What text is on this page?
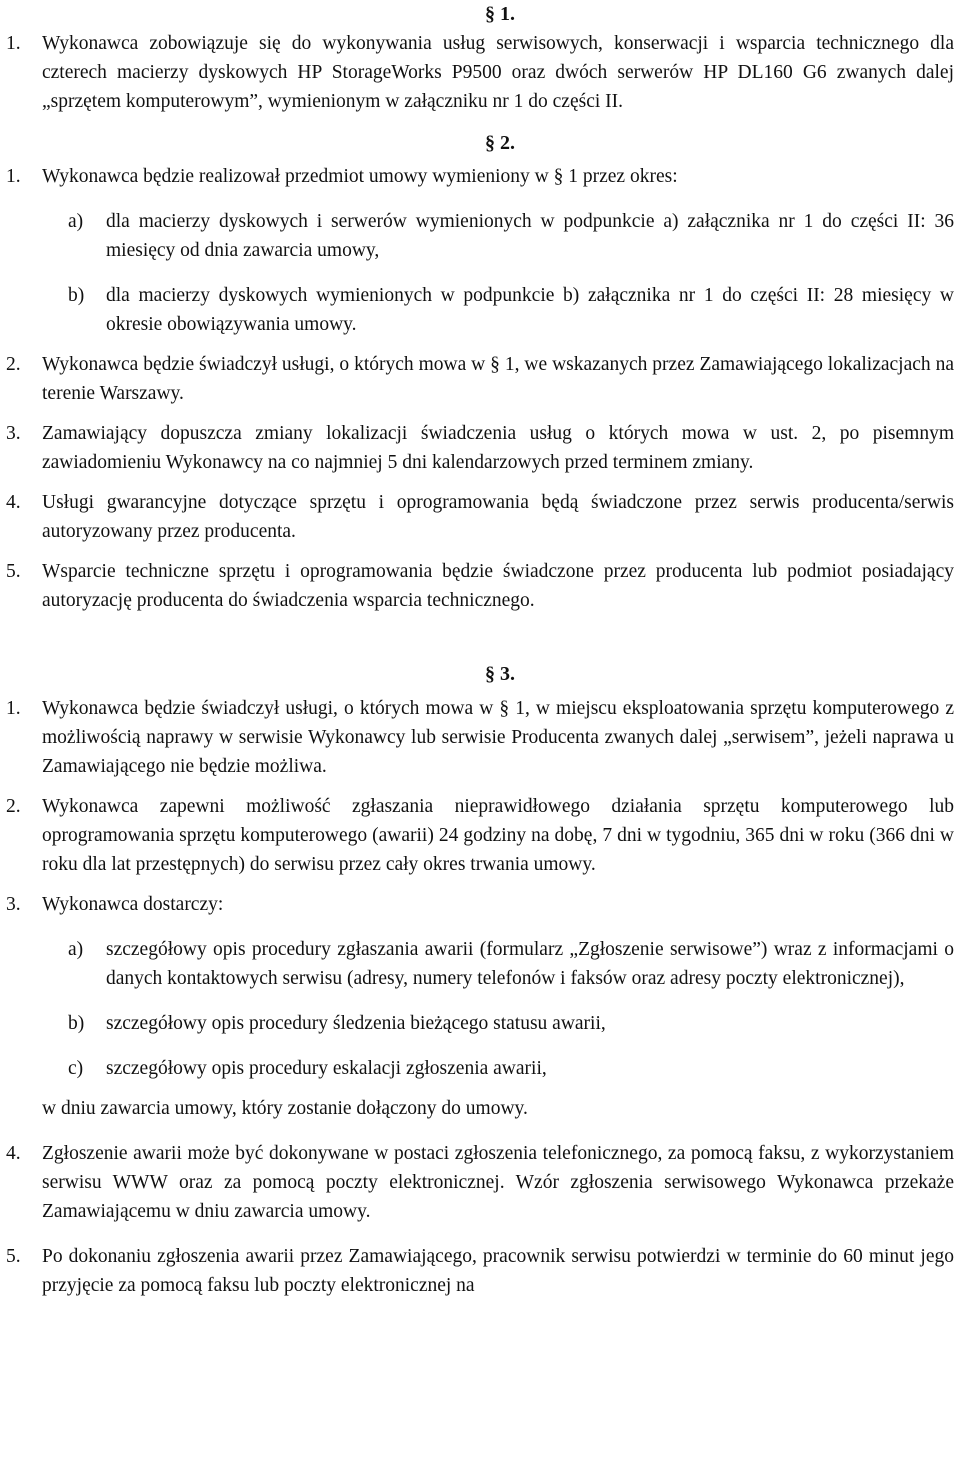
§ 1.
1.	Wykonawca zobowiązuje się do wykonywania usług serwisowych, konserwacji i wsparcia technicznego dla czterech macierzy dyskowych HP StorageWorks P9500 oraz dwóch serwerów HP DL160 G6 zwanych dalej „sprzętem komputerowym”, wymienionym w załączniku nr 1 do części II.
§ 2.
1.	Wykonawca będzie realizował przedmiot umowy wymieniony w § 1 przez okres:
a)	dla macierzy dyskowych i serwerów wymienionych w podpunkcie a) załącznika nr 1 do części II: 36 miesięcy od dnia zawarcia umowy,
b)	dla macierzy dyskowych wymienionych w podpunkcie b) załącznika nr 1 do części II: 28 miesięcy w okresie obowiązywania umowy.
2.	Wykonawca będzie świadczył usługi, o których mowa w § 1, we wskazanych przez Zamawiającego lokalizacjach na terenie Warszawy.
3.	Zamawiający dopuszcza zmiany lokalizacji świadczenia usług o których mowa w ust. 2, po pisemnym zawiadomieniu Wykonawcy na co najmniej 5 dni kalendarzowych przed terminem zmiany.
4.	Usługi gwarancyjne dotyczące sprzętu i oprogramowania będą świadczone przez serwis producenta/serwis autoryzowany przez producenta.
5.	Wsparcie techniczne sprzętu i oprogramowania będzie świadczone przez producenta lub podmiot posiadający autoryzację producenta do świadczenia wsparcia technicznego.
§ 3.
1.	Wykonawca będzie świadczył usługi, o których mowa w § 1, w miejscu eksploatowania sprzętu komputerowego z możliwością naprawy w serwisie Wykonawcy lub serwisie Producenta zwanych dalej „serwisem”, jeżeli naprawa u Zamawiającego nie będzie możliwa.
2.	Wykonawca zapewni możliwość zgłaszania nieprawidłowego działania sprzętu komputerowego lub oprogramowania sprzętu komputerowego (awarii) 24 godziny na dobę, 7 dni w tygodniu, 365 dni w roku (366 dni w roku dla lat przestępnych) do serwisu przez cały okres trwania umowy.
3.	Wykonawca dostarczy:
a)	szczegółowy opis procedury zgłaszania awarii (formularz „Zgłoszenie serwisowe”) wraz z informacjami o danych kontaktowych serwisu (adresy, numery telefonów i faksów oraz adresy poczty elektronicznej),
b)	szczegółowy opis procedury śledzenia bieżącego statusu awarii,
c)	szczegółowy opis procedury eskalacji zgłoszenia awarii,
w dniu zawarcia umowy, który zostanie dołączony do umowy.
4.	Zgłoszenie awarii może być dokonywane w postaci zgłoszenia telefonicznego, za pomocą faksu, z wykorzystaniem serwisu WWW oraz za pomocą poczty elektronicznej. Wzór zgłoszenia serwisowego Wykonawca przekaże Zamawiającemu w dniu zawarcia umowy.
5.	Po dokonaniu zgłoszenia awarii przez Zamawiającego, pracownik serwisu potwierdzi w terminie do 60 minut jego przyjęcie za pomocą faksu lub poczty elektronicznej na
